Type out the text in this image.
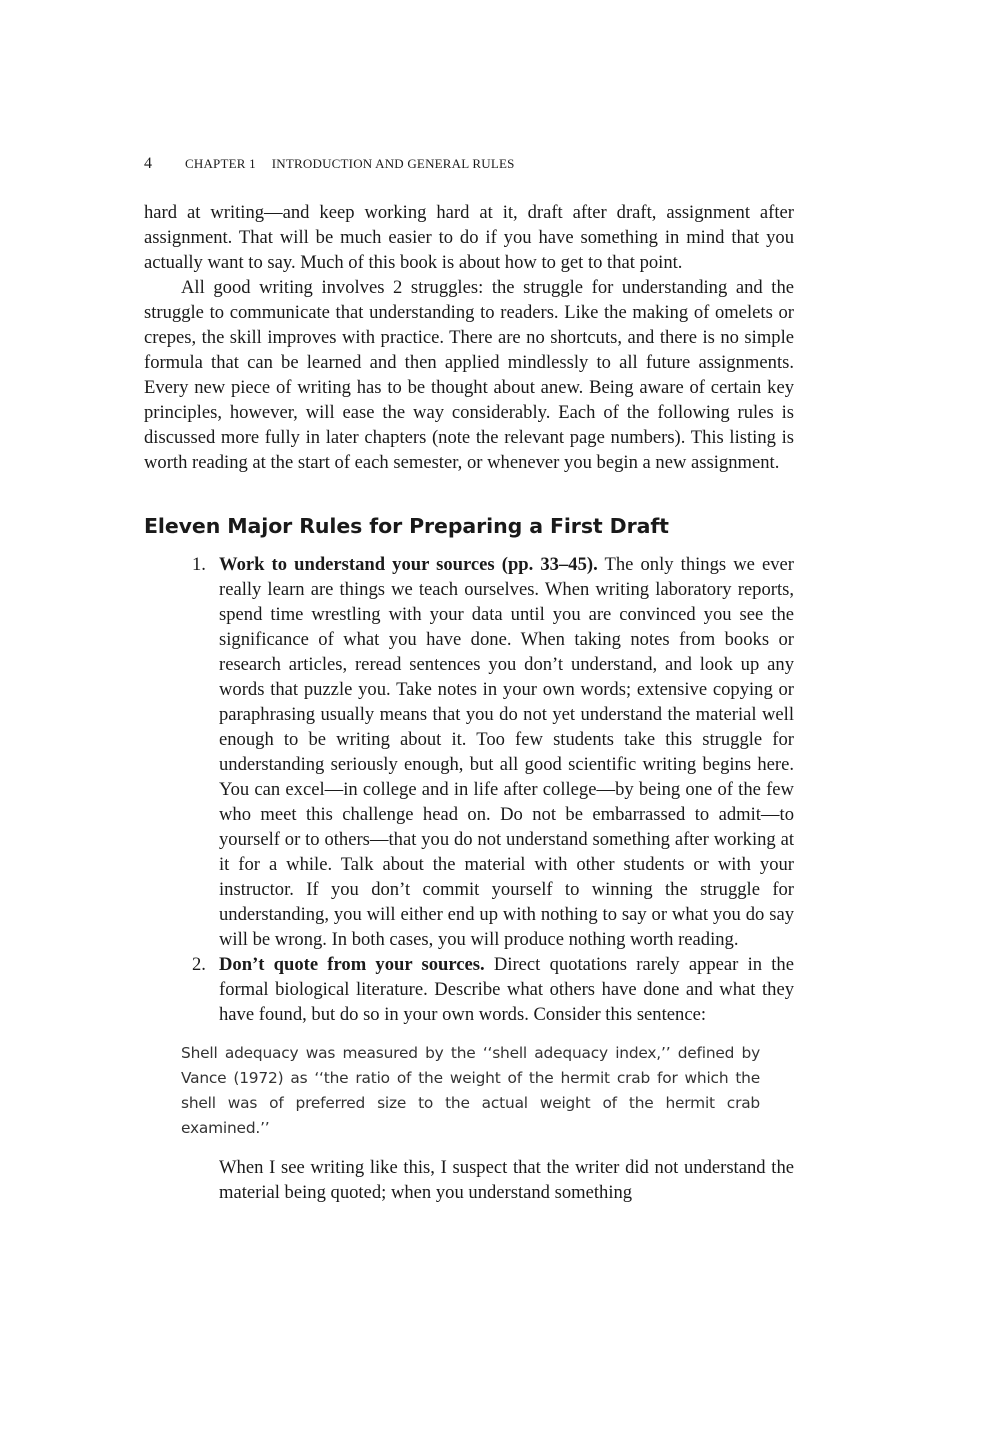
4	CHAPTER 1 INTRODUCTION AND GENERAL RULES

hard at writing—and keep working hard at it, draft after draft, assignment after assignment. That will be much easier to do if you have something in mind that you actually want to say. Much of this book is about how to get to that point.

All good writing involves 2 struggles: the struggle for understanding and the struggle to communicate that understanding to readers. Like the making of omelets or crepes, the skill improves with practice. There are no shortcuts, and there is no simple formula that can be learned and then applied mindlessly to all future assignments. Every new piece of writing has to be thought about anew. Being aware of certain key principles, however, will ease the way considerably. Each of the following rules is discussed more fully in later chapters (note the relevant page numbers). This listing is worth reading at the start of each semester, or whenever you begin a new assignment.

Eleven Major Rules for Preparing a First Draft
1. Work to understand your sources (pp. 33–45). The only things we ever really learn are things we teach ourselves. When writing laboratory reports, spend time wrestling with your data until you are convinced you see the significance of what you have done. When taking notes from books or research articles, reread sentences you don’t understand, and look up any words that puzzle you. Take notes in your own words; extensive copying or paraphrasing usually means that you do not yet understand the material well enough to be writing about it. Too few students take this struggle for understanding seriously enough, but all good scientific writing begins here. You can excel—in college and in life after college—by being one of the few who meet this challenge head on. Do not be embarrassed to admit—to yourself or to others—that you do not understand something after working at it for a while. Talk about the material with other students or with your instructor. If you don’t commit yourself to winning the struggle for understanding, you will either end up with nothing to say or what you do say will be wrong. In both cases, you will produce nothing worth reading.
2. Don’t quote from your sources. Direct quotations rarely appear in the formal biological literature. Describe what others have done and what they have found, but do so in your own words. Consider this sentence:
Shell adequacy was measured by the ‘‘shell adequacy index,’’ defined by Vance (1972) as ‘‘the ratio of the weight of the hermit crab for which the shell was of preferred size to the actual weight of the hermit crab examined.’’

When I see writing like this, I suspect that the writer did not understand the material being quoted; when you understand something
